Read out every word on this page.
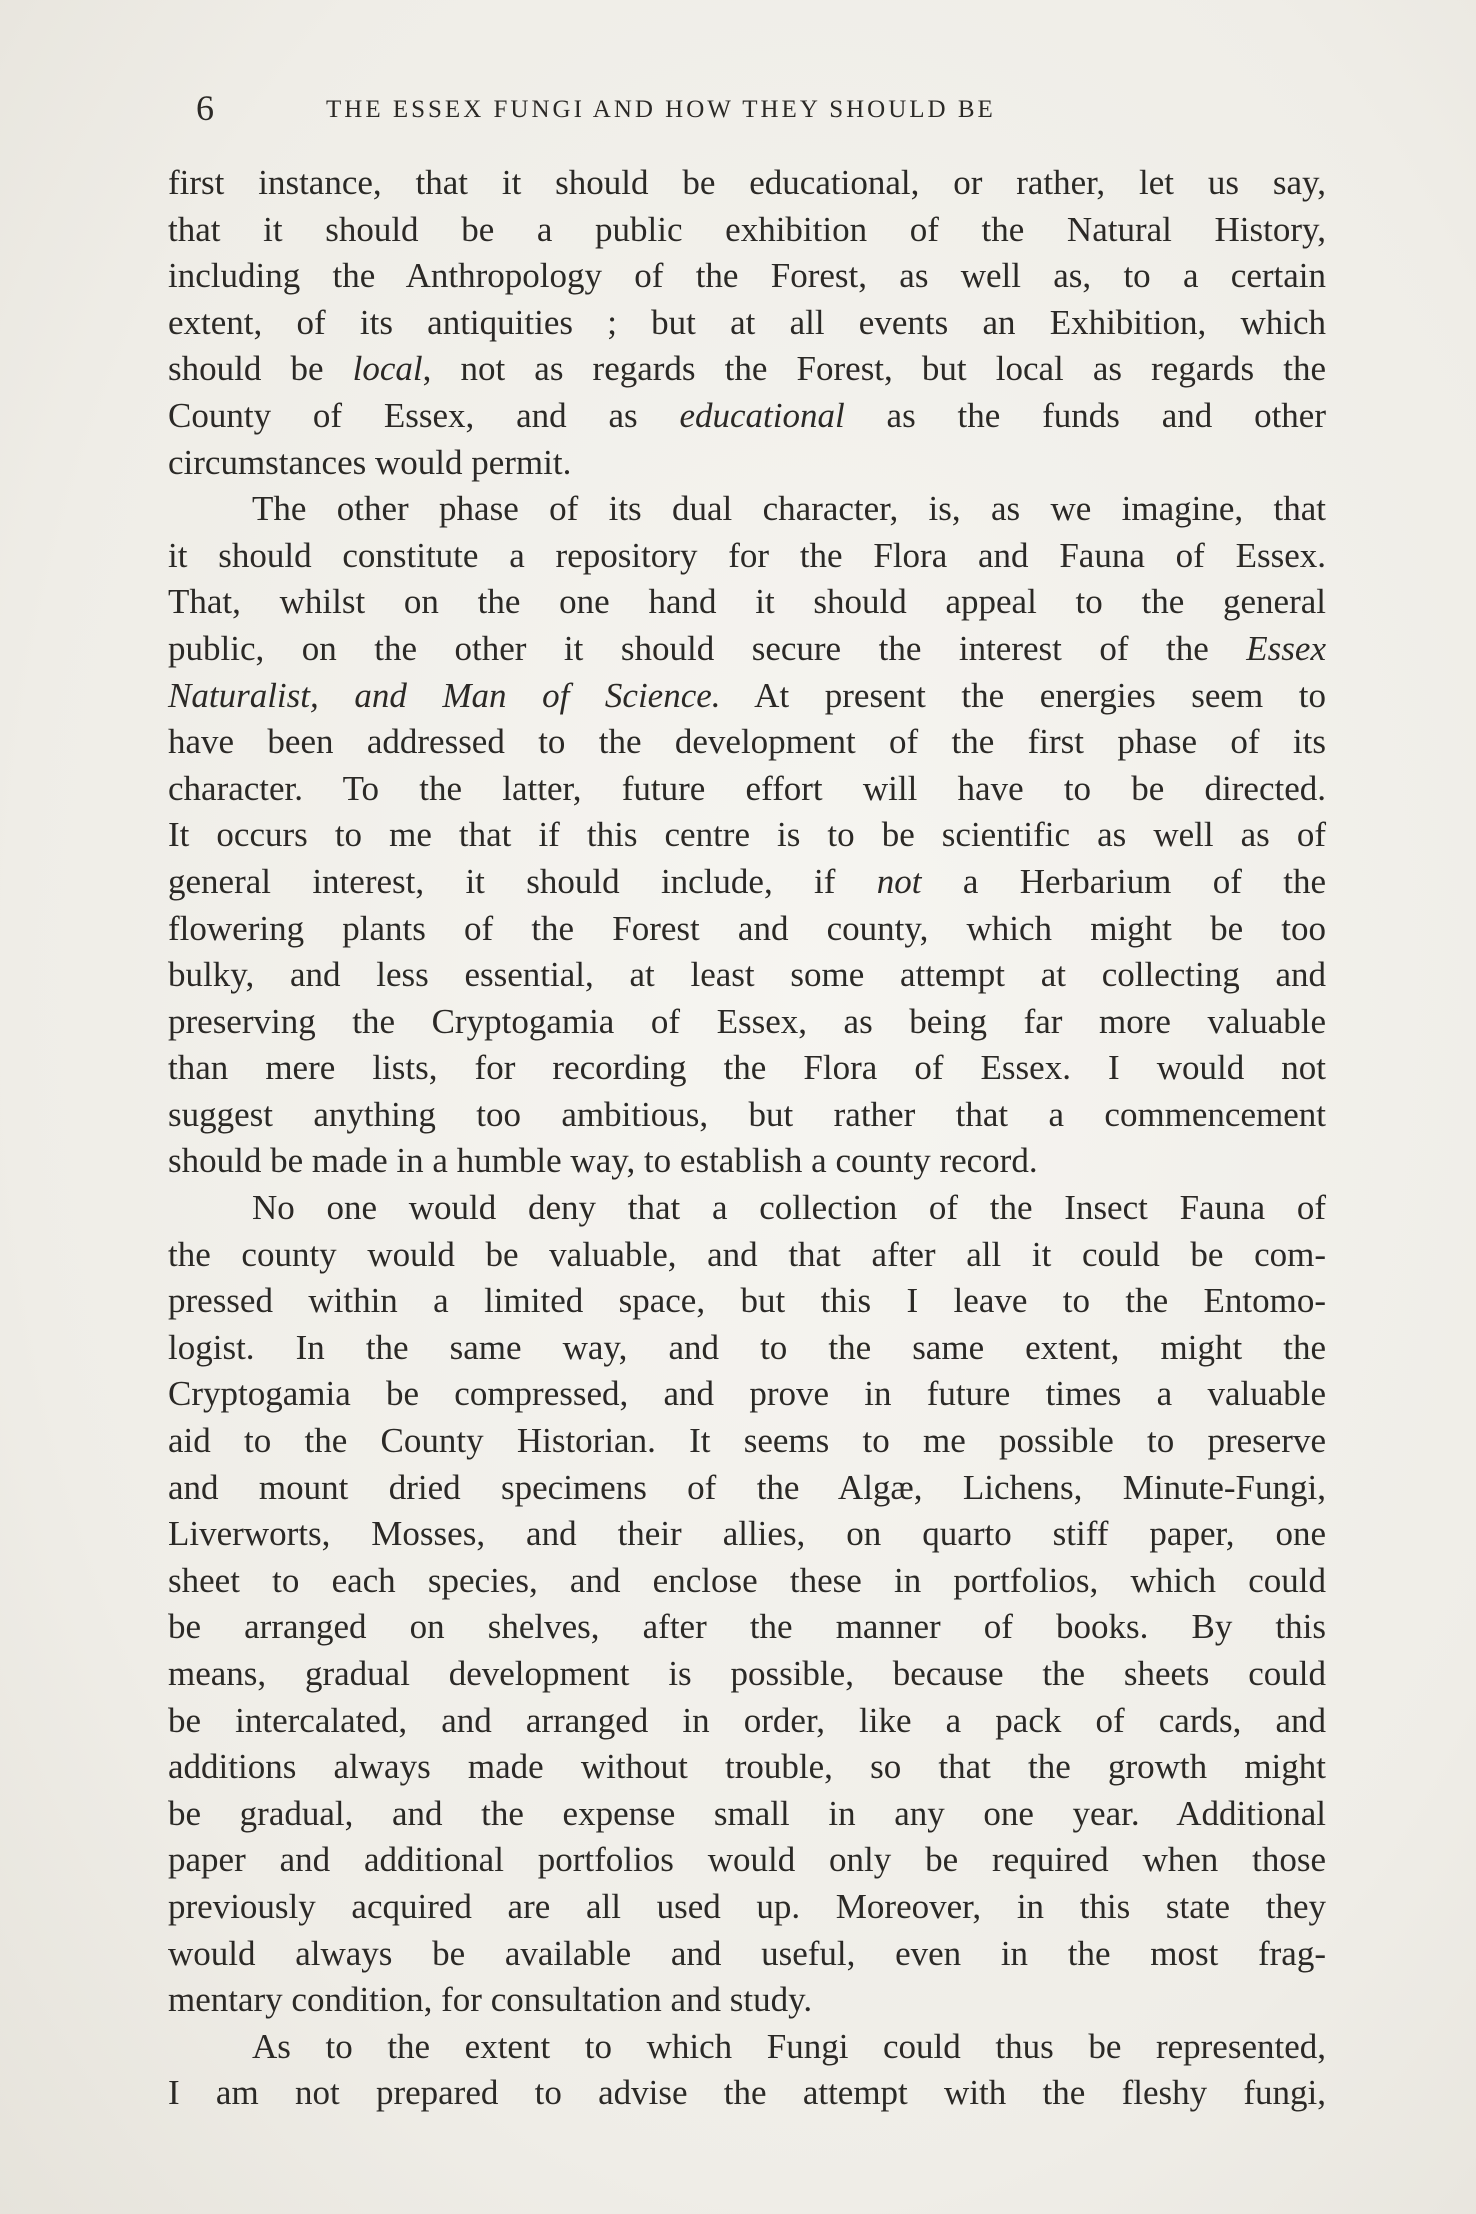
6	THE ESSEX FUNGI AND HOW THEY SHOULD BE
first instance, that it should be educational, or rather, let us say,
that it should be a public exhibition of the Natural History,
including the Anthropology of the Forest, as well as, to a certain
extent, of its antiquities ; but at all events an Exhibition, which
should be local, not as regards the Forest, but local as regards the
County of Essex, and as educational as the funds and other
circumstances would permit.
The other phase of its dual character, is, as we imagine, that
it should constitute a repository for the Flora and Fauna of Essex.
That, whilst on the one hand it should appeal to the general
public, on the other it should secure the interest of the Essex
Naturalist, and Man of Science. At present the energies seem to
have been addressed to the development of the first phase of its
character. To the latter, future effort will have to be directed.
It occurs to me that if this centre is to be scientific as well as of
general interest, it should include, if not a Herbarium of the
flowering plants of the Forest and county, which might be too
bulky, and less essential, at least some attempt at collecting and
preserving the Cryptogamia of Essex, as being far more valuable
than mere lists, for recording the Flora of Essex. I would not
suggest anything too ambitious, but rather that a commencement
should be made in a humble way, to establish a county record.
No one would deny that a collection of the Insect Fauna of
the county would be valuable, and that after all it could be com-
pressed within a limited space, but this I leave to the Entomo-
logist. In the same way, and to the same extent, might the
Cryptogamia be compressed, and prove in future times a valuable
aid to the County Historian. It seems to me possible to preserve
and mount dried specimens of the Algæ, Lichens, Minute-Fungi,
Liverworts, Mosses, and their allies, on quarto stiff paper, one
sheet to each species, and enclose these in portfolios, which could
be arranged on shelves, after the manner of books. By this
means, gradual development is possible, because the sheets could
be intercalated, and arranged in order, like a pack of cards, and
additions always made without trouble, so that the growth might
be gradual, and the expense small in any one year. Additional
paper and additional portfolios would only be required when those
previously acquired are all used up. Moreover, in this state they
would always be available and useful, even in the most frag-
mentary condition, for consultation and study.
As to the extent to which Fungi could thus be represented,
I am not prepared to advise the attempt with the fleshy fungi,
